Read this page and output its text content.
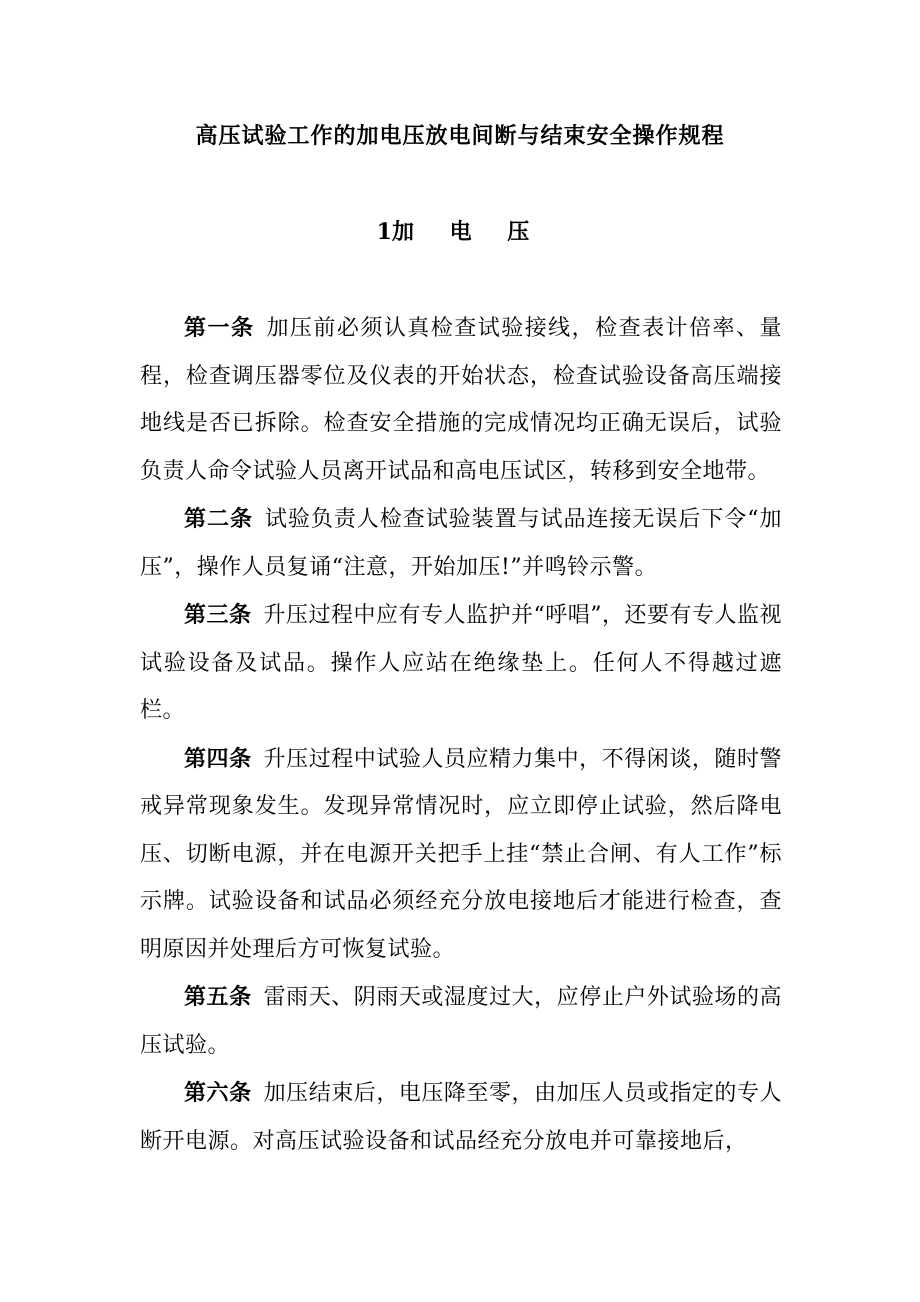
高压试验工作的加电压放电间断与结束安全操作规程
1加 电 压

第一条 加压前必须认真检查试验接线，检查表计倍率、量程，检查调压器零位及仪表的开始状态，检查试验设备高压端接地线是否已拆除。检查安全措施的完成情况均正确无误后，试验负责人命令试验人员离开试品和高电压试区，转移到安全地带。

第二条 试验负责人检查试验装置与试品连接无误后下令“加压”，操作人员复诵“注意，开始加压!”并鸣铃示警。

第三条 升压过程中应有专人监护并“呼唱”，还要有专人监视试验设备及试品。操作人应站在绝缘垫上。任何人不得越过遮栏。

第四条 升压过程中试验人员应精力集中，不得闲谈，随时警戒异常现象发生。发现异常情况时，应立即停止试验，然后降电压、切断电源，并在电源开关把手上挂“禁止合闸、有人工作”标示牌。试验设备和试品必须经充分放电接地后才能进行检查，查明原因并处理后方可恢复试验。

第五条 雷雨天、阴雨天或湿度过大，应停止户外试验场的高压试验。

第六条 加压结束后，电压降至零，由加压人员或指定的专人断开电源。对高压试验设备和试品经充分放电并可靠接地后，
